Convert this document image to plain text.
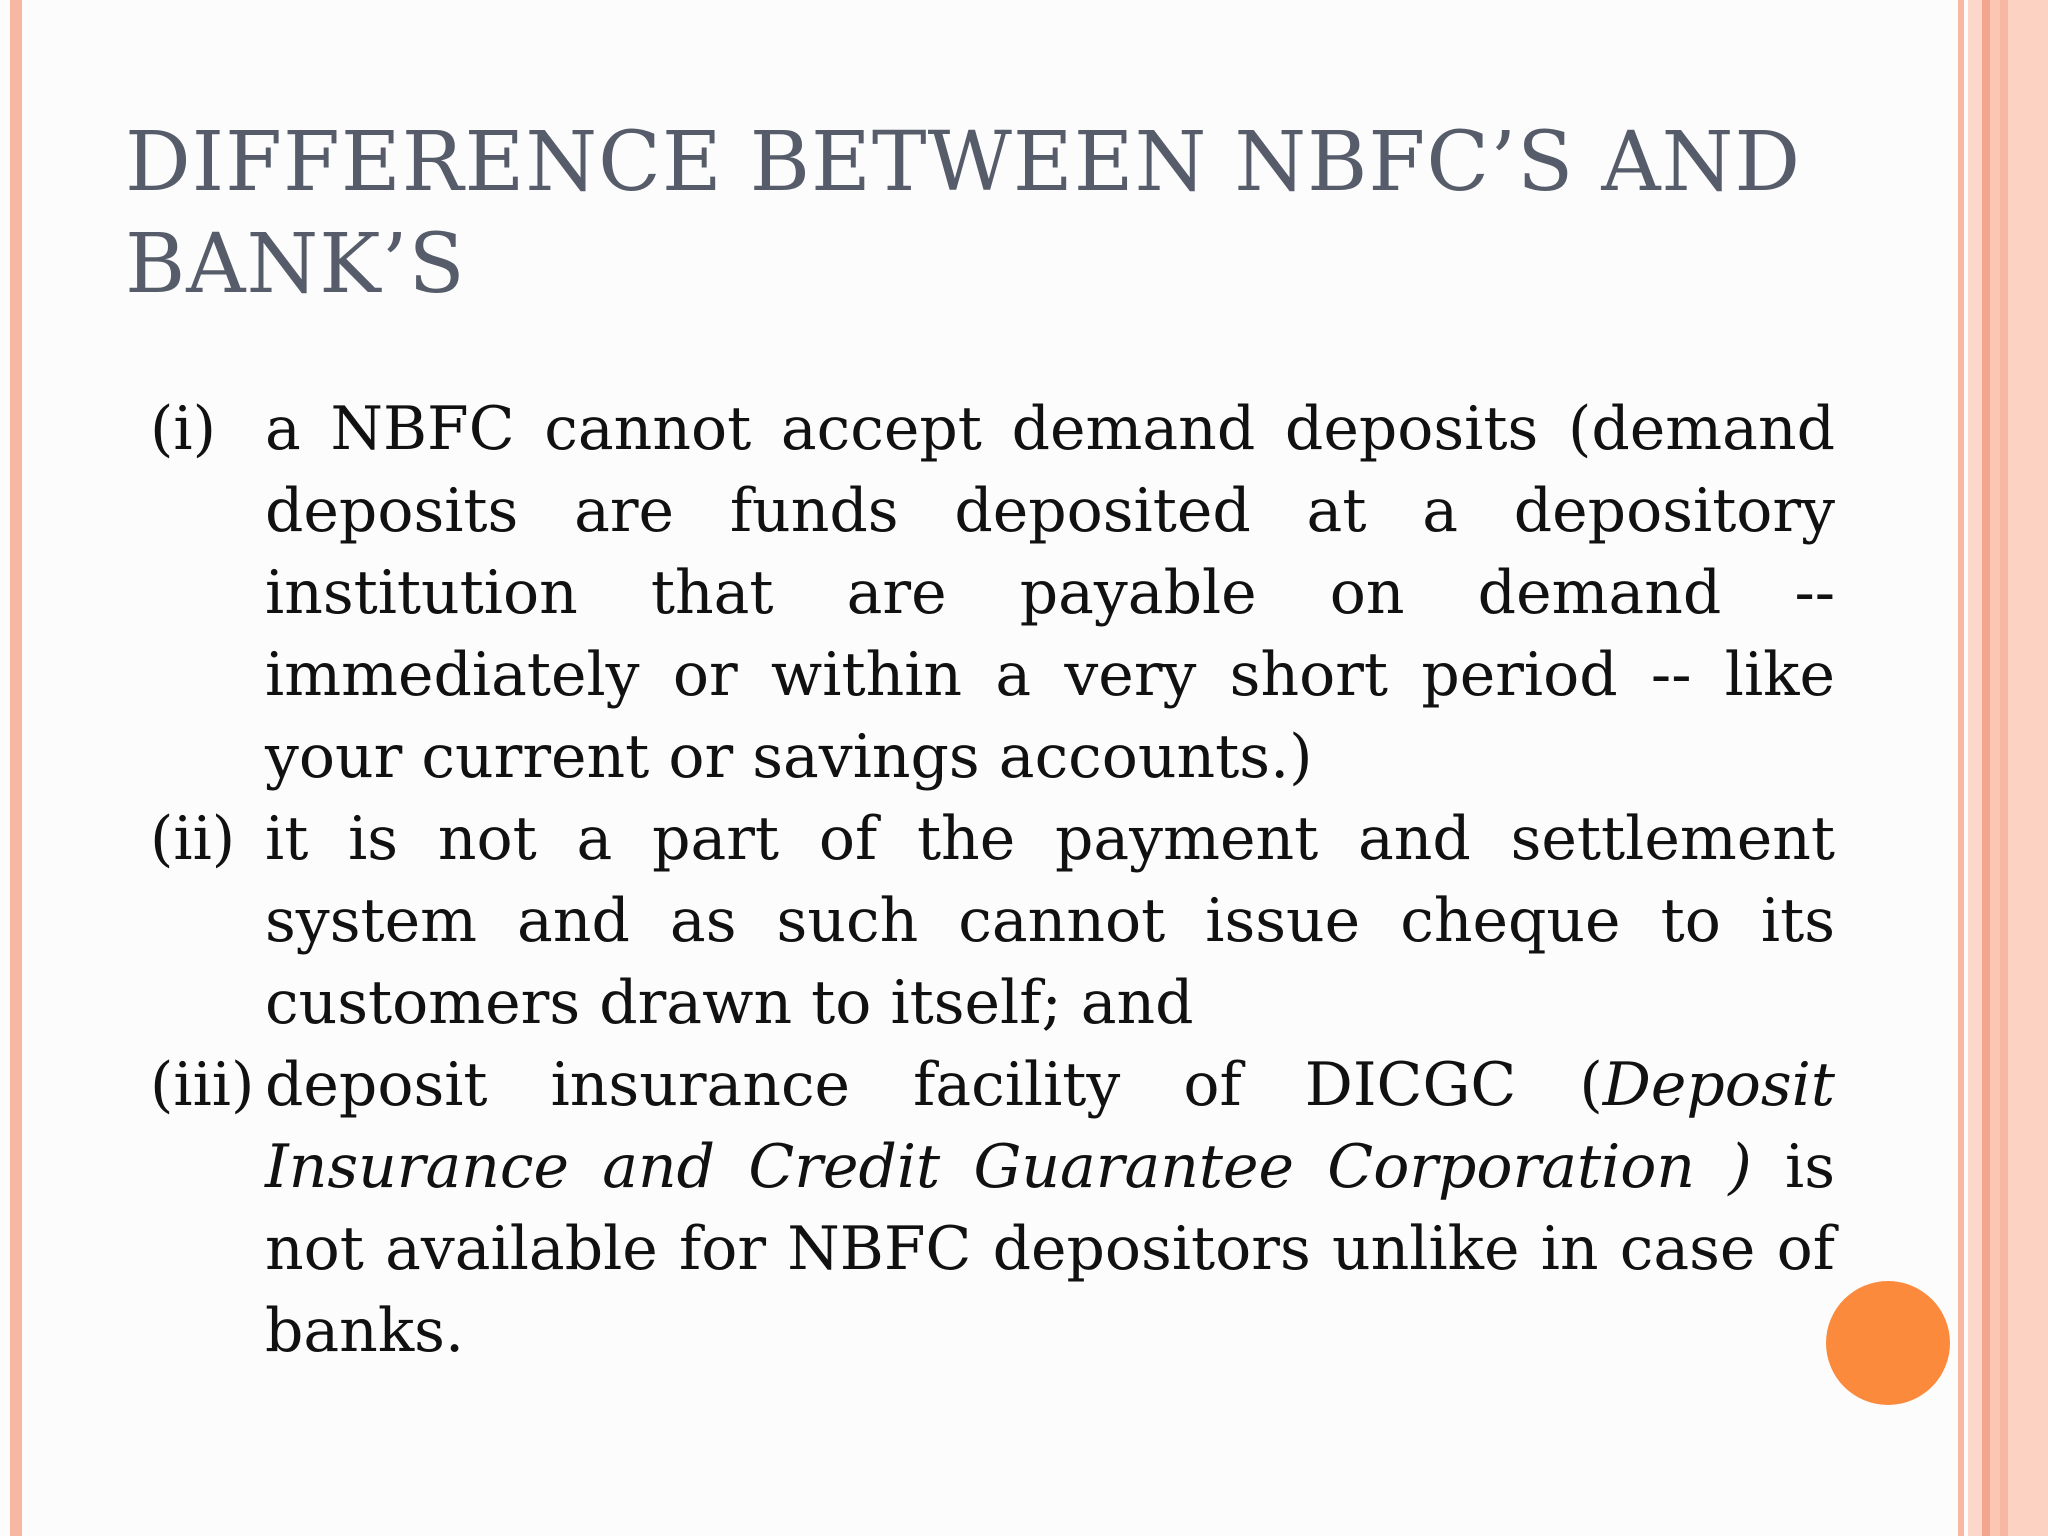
DIFFERENCE BETWEEN NBFC’S AND BANK’S
(i) a NBFC cannot accept demand deposits (demand deposits are funds deposited at a depository institution that are payable on demand -- immediately or within a very short period -- like your current or savings accounts.)
(ii) it is not a part of the payment and settlement system and as such cannot issue cheque to its customers drawn to itself; and
(iii) deposit insurance facility of DICGC (Deposit Insurance and Credit Guarantee Corporation ) is not available for NBFC depositors unlike in case of banks.
